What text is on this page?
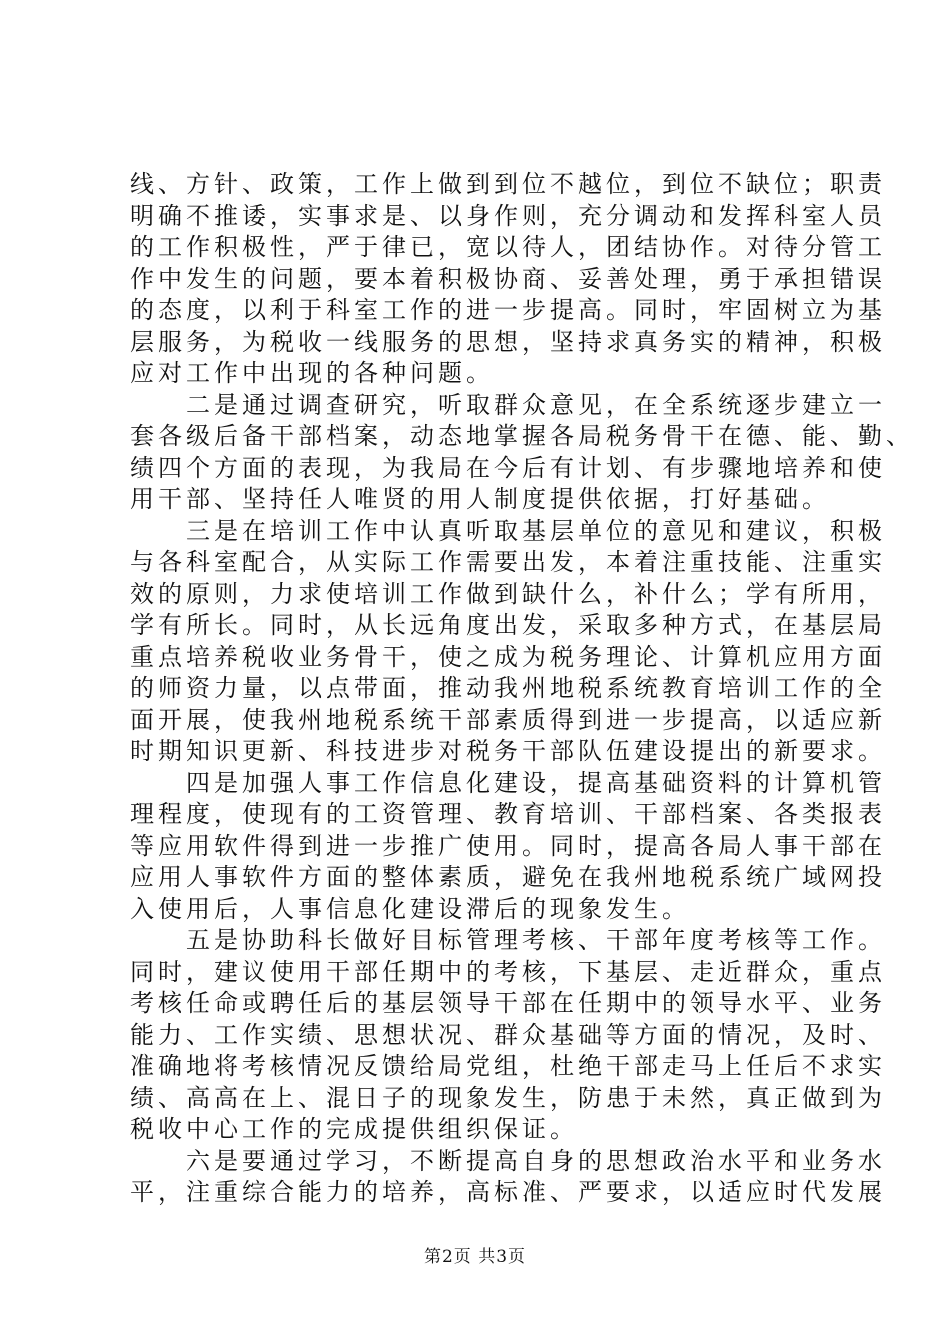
线、方针、政策，工作上做到到位不越位，到位不缺位；职责
明确不推诿，实事求是、以身作则，充分调动和发挥科室人员
的工作积极性，严于律已，宽以待人，团结协作。对待分管工
作中发生的问题，要本着积极协商、妥善处理，勇于承担错误
的态度，以利于科室工作的进一步提高。同时，牢固树立为基
层服务，为税收一线服务的思想，坚持求真务实的精神，积极
应对工作中出现的各种问题。
二是通过调查研究，听取群众意见，在全系统逐步建立一
套各级后备干部档案，动态地掌握各局税务骨干在德、能、勤、
绩四个方面的表现，为我局在今后有计划、有步骤地培养和使
用干部、坚持任人唯贤的用人制度提供依据，打好基础。
三是在培训工作中认真听取基层单位的意见和建议，积极
与各科室配合，从实际工作需要出发，本着注重技能、注重实
效的原则，力求使培训工作做到缺什么，补什么；学有所用，
学有所长。同时，从长远角度出发，采取多种方式，在基层局
重点培养税收业务骨干，使之成为税务理论、计算机应用方面
的师资力量，以点带面，推动我州地税系统教育培训工作的全
面开展，使我州地税系统干部素质得到进一步提高，以适应新
时期知识更新、科技进步对税务干部队伍建设提出的新要求。
四是加强人事工作信息化建设，提高基础资料的计算机管
理程度，使现有的工资管理、教育培训、干部档案、各类报表
等应用软件得到进一步推广使用。同时，提高各局人事干部在
应用人事软件方面的整体素质，避免在我州地税系统广域网投
入使用后，人事信息化建设滞后的现象发生。
五是协助科长做好目标管理考核、干部年度考核等工作。
同时，建议使用干部任期中的考核，下基层、走近群众，重点
考核任命或聘任后的基层领导干部在任期中的领导水平、业务
能力、工作实绩、思想状况、群众基础等方面的情况，及时、
准确地将考核情况反馈给局党组，杜绝干部走马上任后不求实
绩、高高在上、混日子的现象发生，防患于未然，真正做到为
税收中心工作的完成提供组织保证。
六是要通过学习，不断提高自身的思想政治水平和业务水
平，注重综合能力的培养，高标准、严要求，以适应时代发展
第2页 共3页
